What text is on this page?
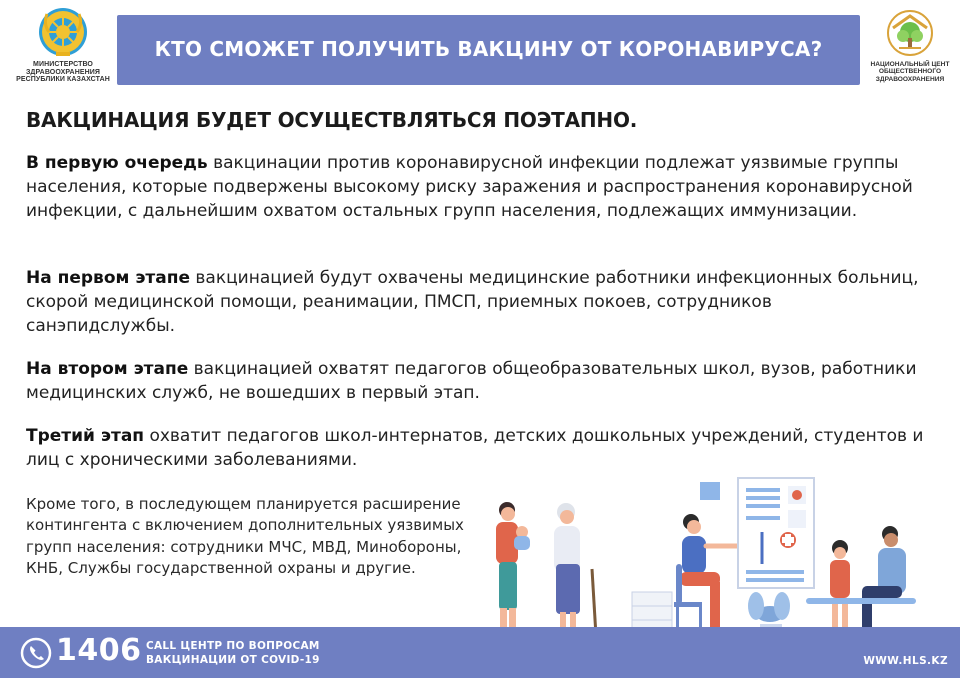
МИНИСТЕРСТВО
ЗДРАВООХРАНЕНИЯ
РЕСПУБЛИКИ КАЗАХСТАН
КТО СМОЖЕТ ПОЛУЧИТЬ ВАКЦИНУ ОТ КОРОНАВИРУСА?
НАЦИОНАЛЬНЫЙ ЦЕНТ
ОБЩЕСТВЕННОГО
ЗДРАВООХРАНЕНИЯ
ВАКЦИНАЦИЯ БУДЕТ ОСУЩЕСТВЛЯТЬСЯ ПОЭТАПНО.
В первую очередь вакцинации против коронавирусной инфекции подлежат уязвимые группы населения, которые подвержены высокому риску заражения и распространения коронавирусной инфекции, с дальнейшим охватом остальных групп населения, подлежащих иммунизации.
На первом этапе вакцинацией будут охвачены медицинские работники инфекционных больниц, скорой медицинской помощи, реанимации, ПМСП, приемных покоев, сотрудников санэпидслужбы.
На втором этапе вакцинацией охватят педагогов общеобразовательных школ, вузов, работники медицинских служб, не вошедших в первый этап.
Третий этап охватит педагогов школ-интернатов, детских дошкольных учреждений, студентов и лиц с хроническими заболеваниями.
Кроме того, в последующем планируется расширение контингента с включением дополнительных уязвимых групп населения: сотрудники МЧС, МВД, Минобороны, КНБ, Службы государственной охраны и другие.
1406 CALL ЦЕНТР ПО ВОПРОСАМ
ВАКЦИНАЦИИ ОТ COVID-19	WWW.HLS.KZ
